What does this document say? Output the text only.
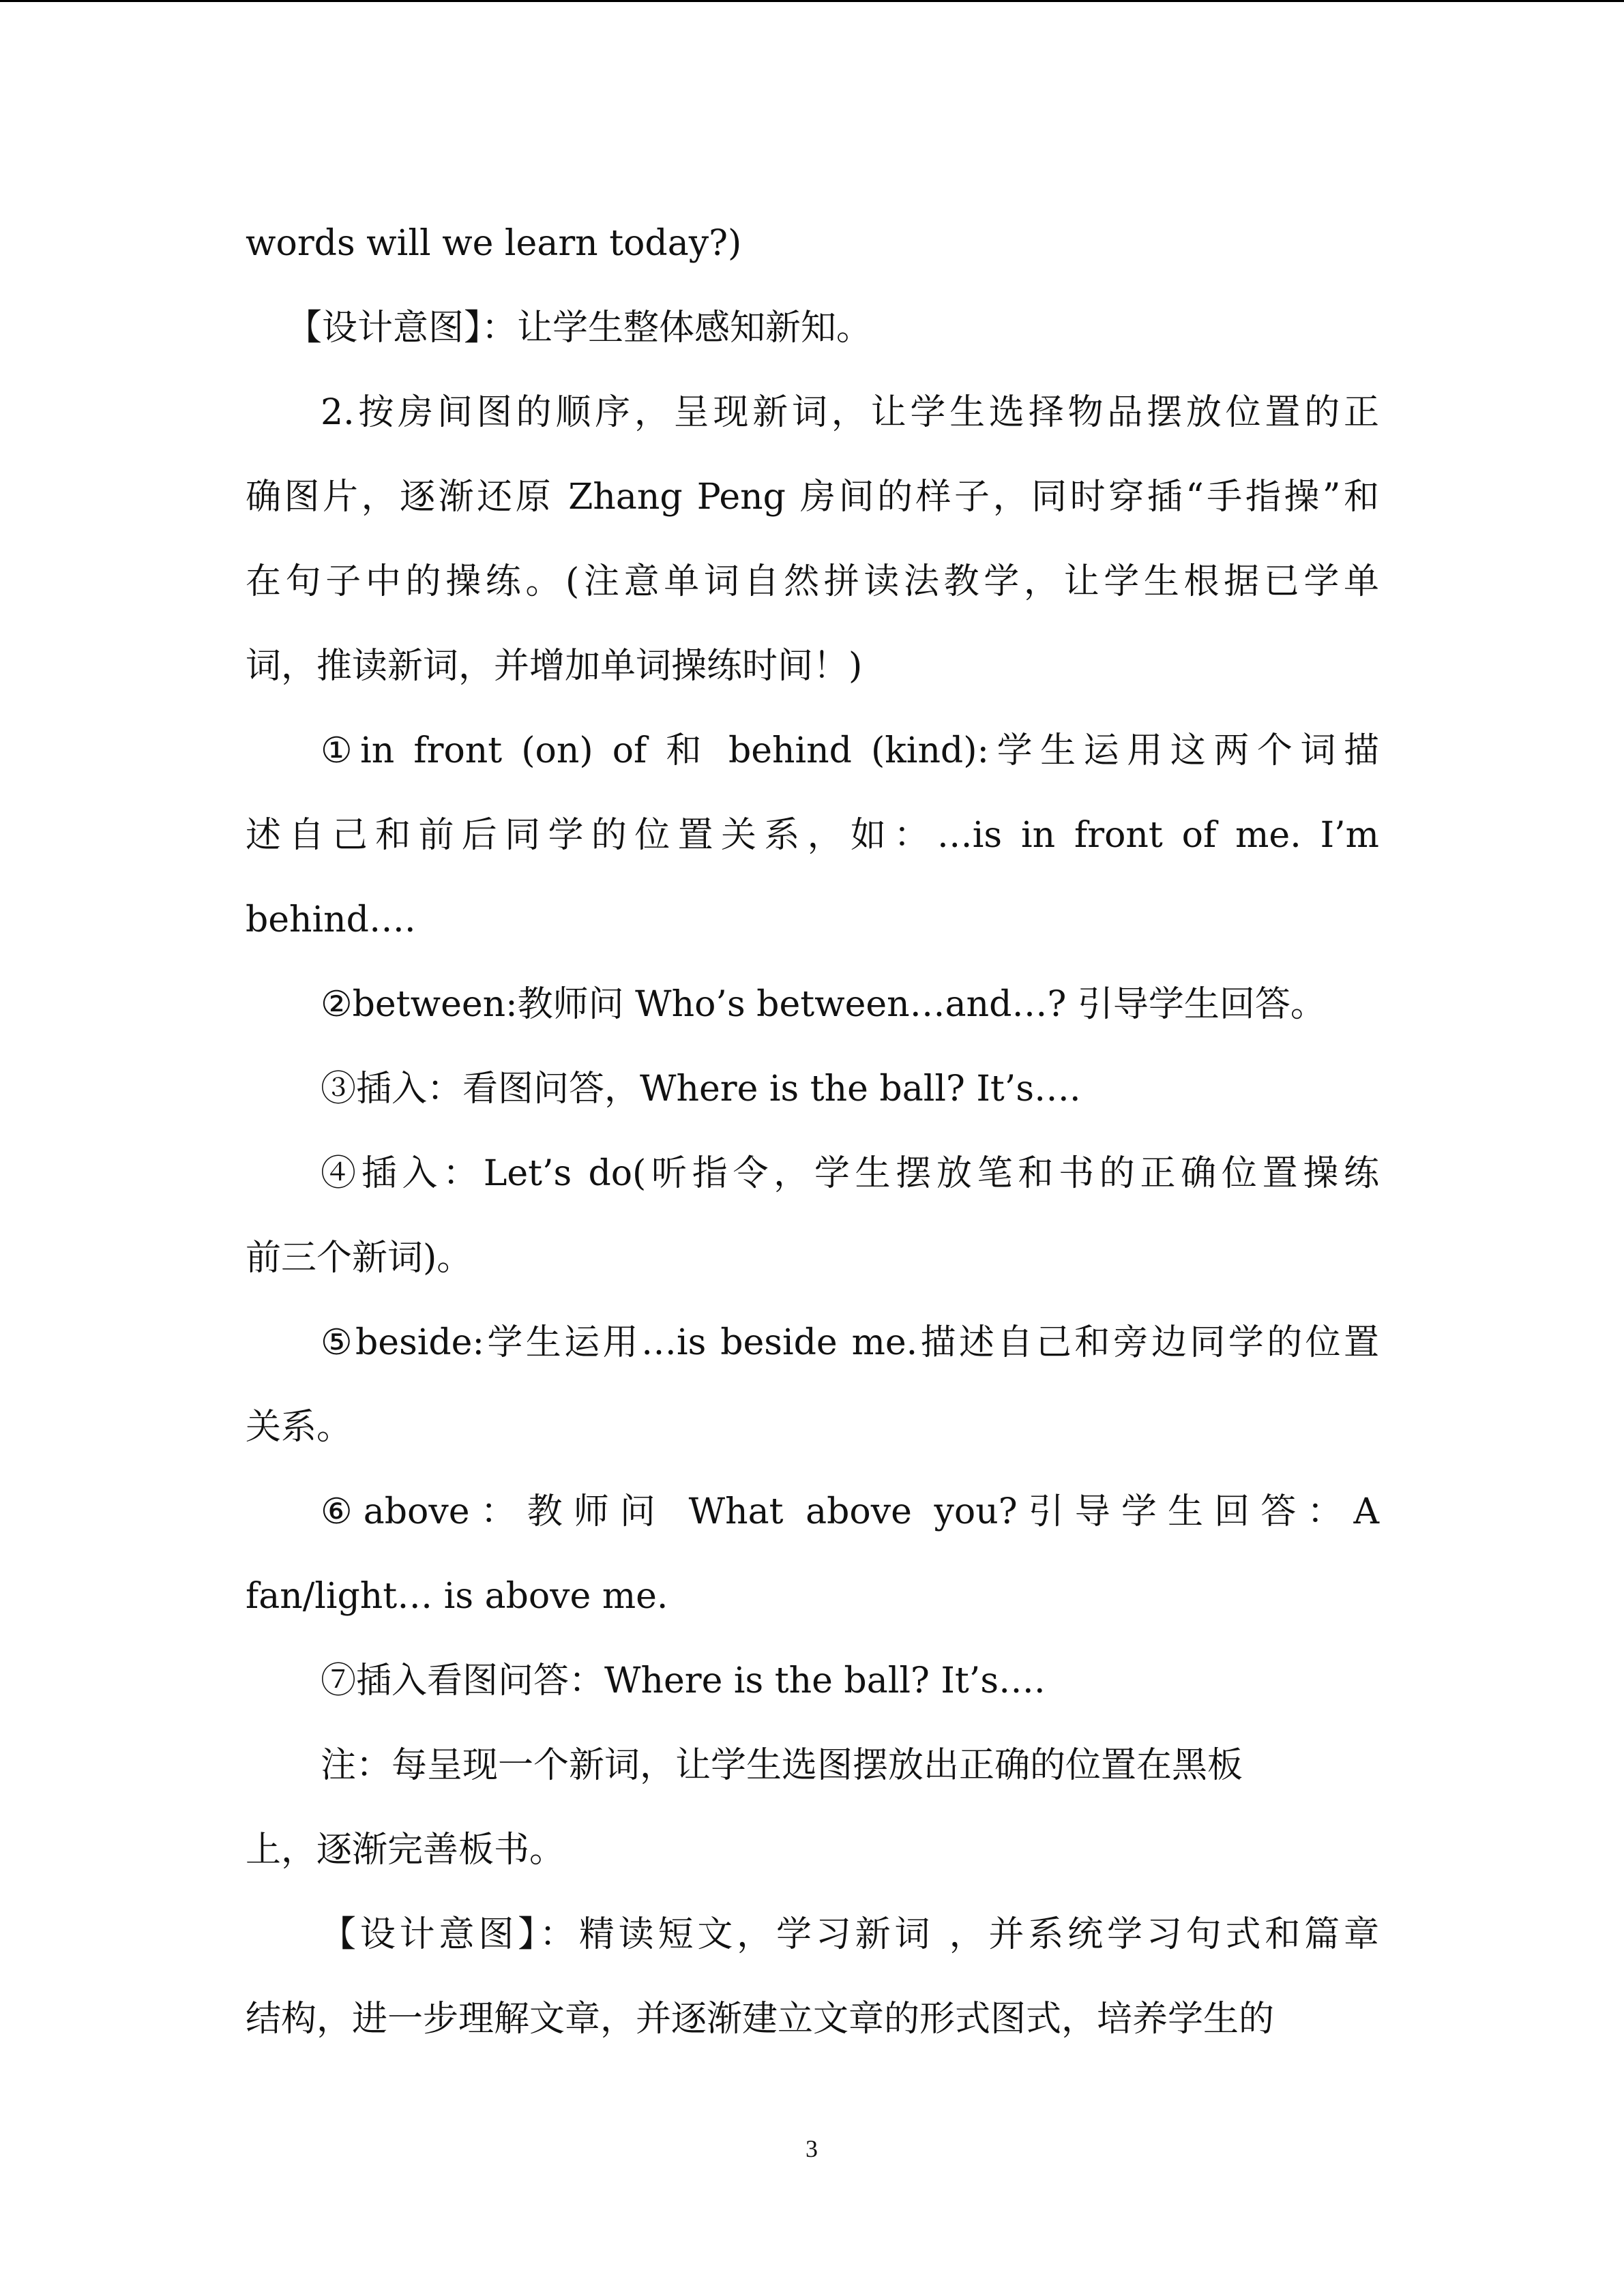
words will we learn today?)

【设计意图】：让学生整体感知新知。

2.按房间图的顺序，呈现新词，让学生选择物品摆放位置的正

确图片，逐渐还原 Zhang Peng 房间的样子，同时穿插“手指操”和

在句子中的操练。(注意单词自然拼读法教学，让学生根据已学单

词，推读新词，并增加单词操练时间！)

①in front (on) of 和 behind (kind):学生运用这两个词描

述自己和前后同学的位置关系，如：…is in front of me. I’m

behind….

②between:教师问 Who’s between…and…? 引导学生回答。

③插入：看图问答，Where is the ball? It’s….

④插入：Let’s do(听指令，学生摆放笔和书的正确位置操练

前三个新词)。

⑤beside:学生运用…is beside me.描述自己和旁边同学的位置

关系。

⑥above：教师问 What above you?引导学生回答：A

fan/light… is above me.

⑦插入看图问答：Where is the ball? It’s….

注：每呈现一个新词，让学生选图摆放出正确的位置在黑板

上，逐渐完善板书。

【设计意图】：精读短文，学习新词 ，并系统学习句式和篇章

结构，进一步理解文章，并逐渐建立文章的形式图式，培养学生的

3
